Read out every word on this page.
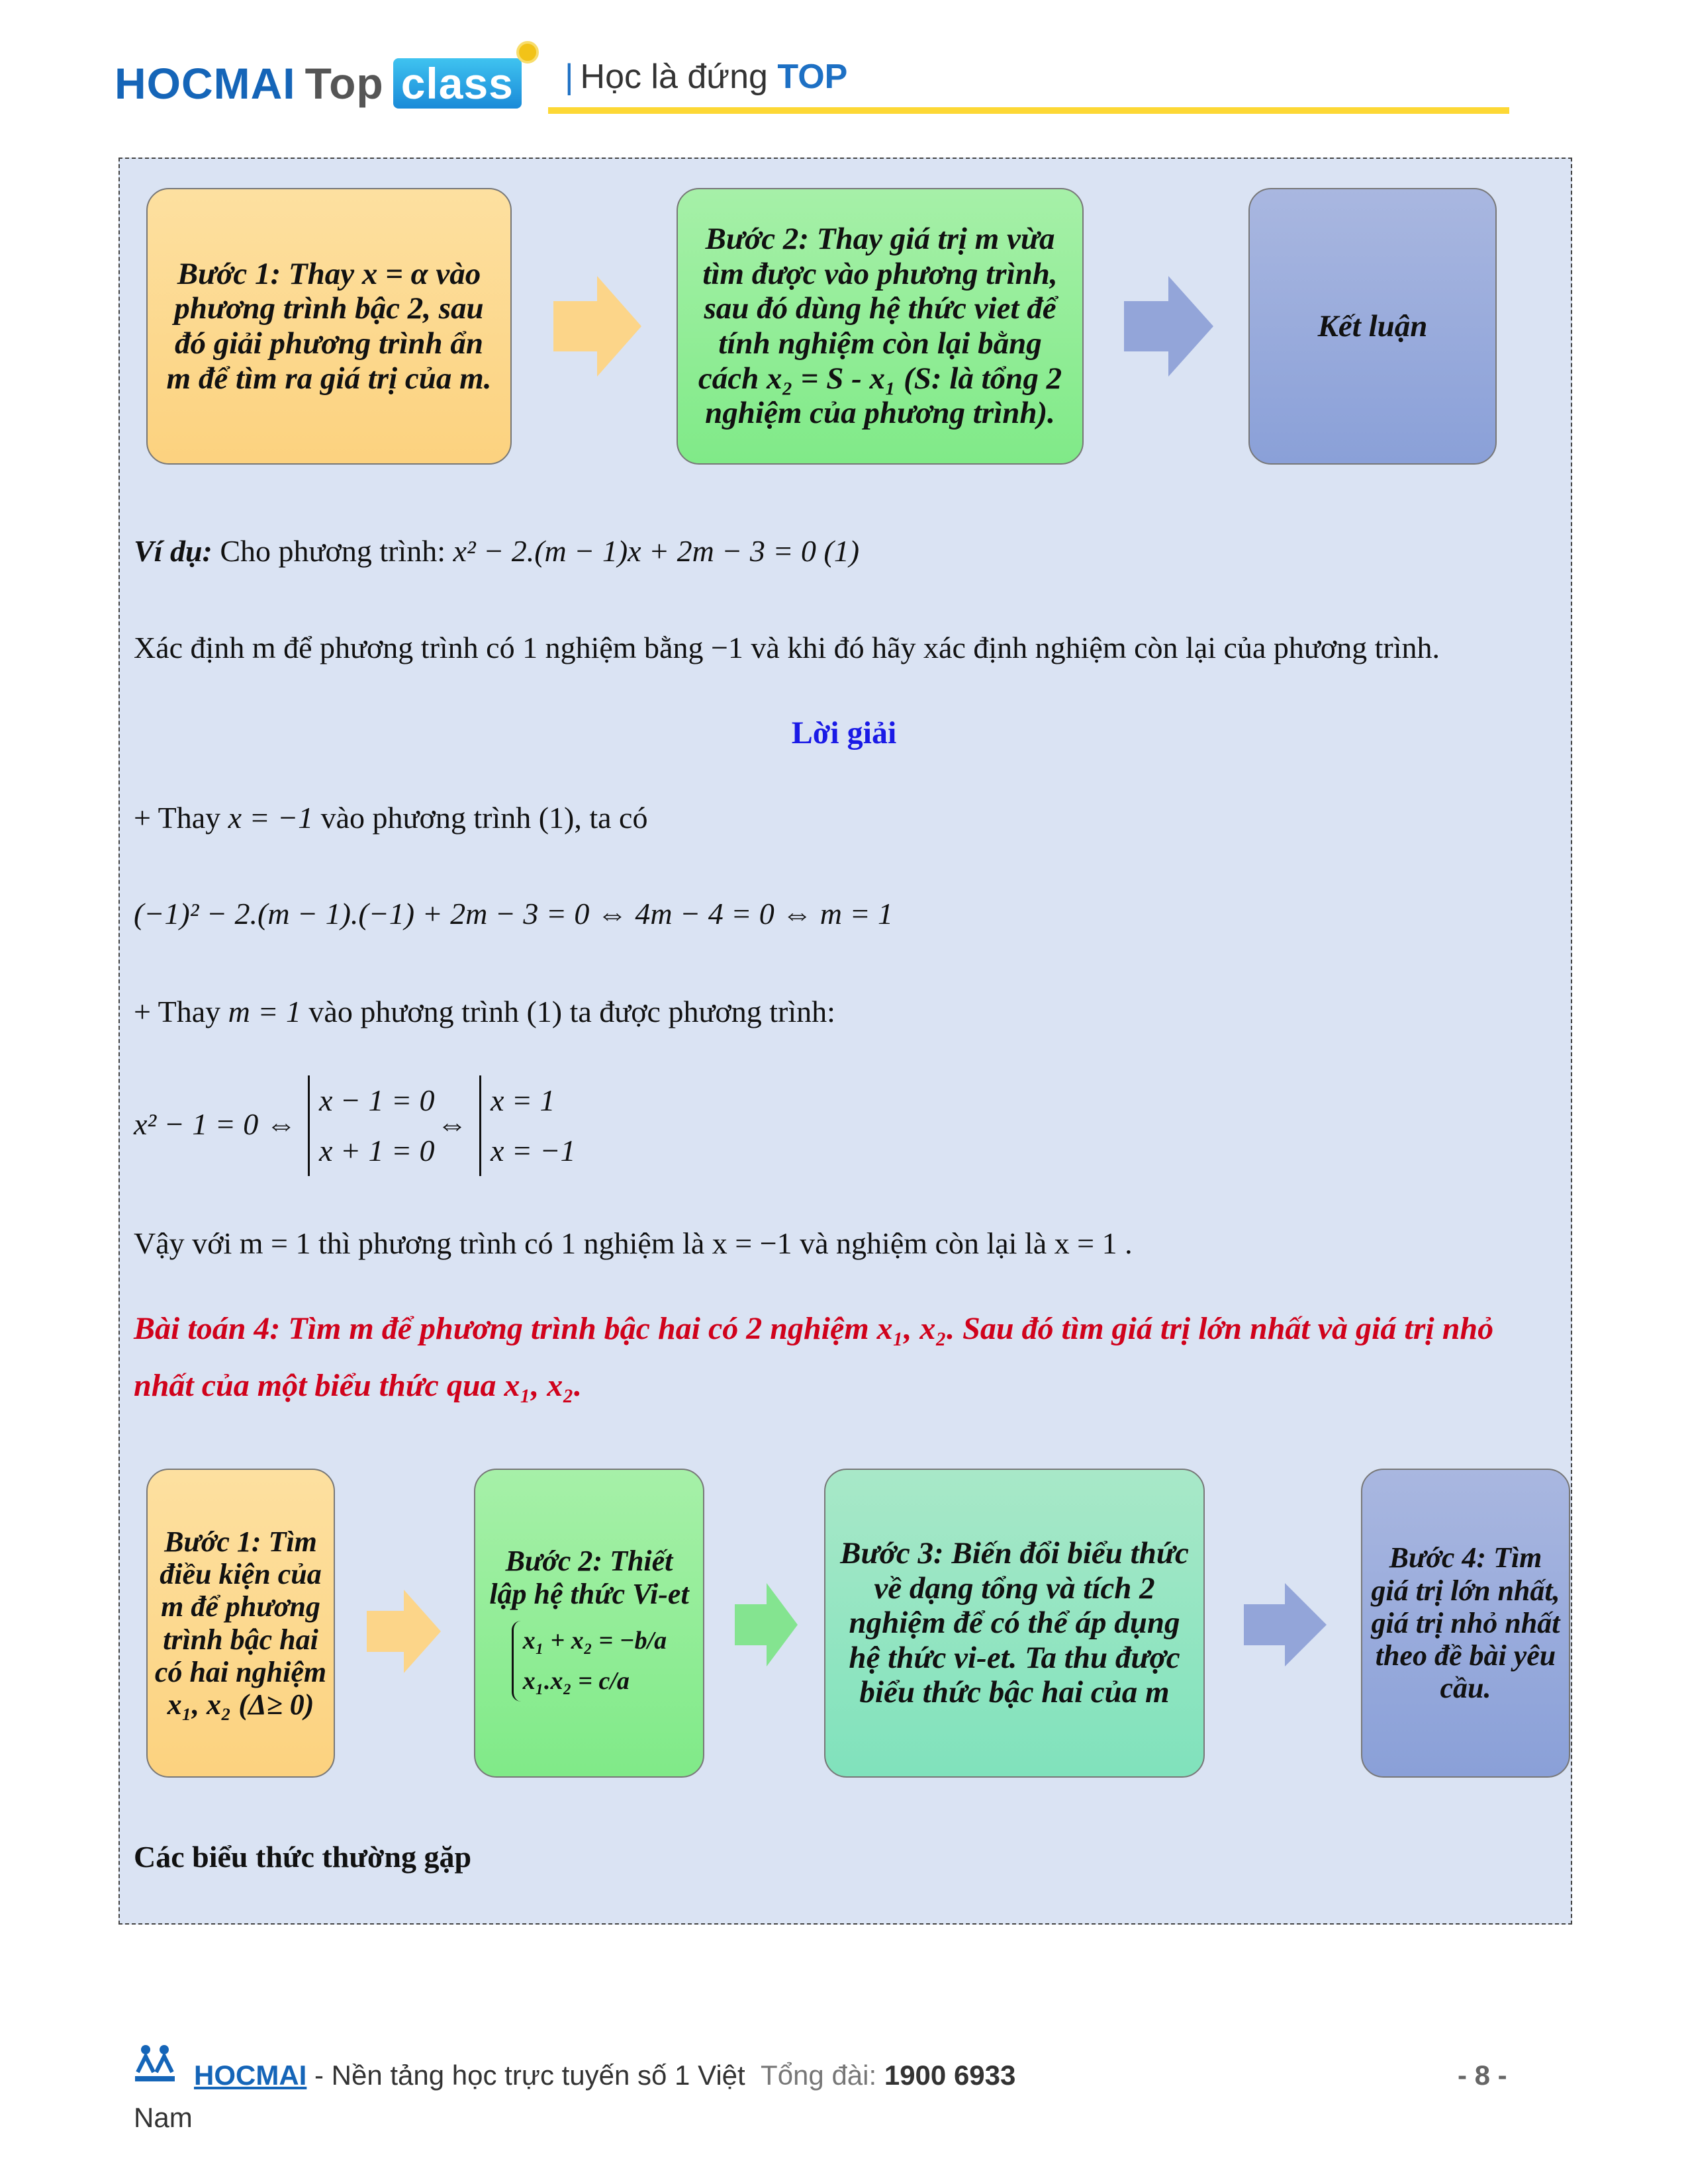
HOCMAI Top class | Học là đứng TOP
Bước 1: Thay x = α vào phương trình bậc 2, sau đó giải phương trình ẩn m để tìm ra giá trị của m.
Bước 2: Thay giá trị m vừa tìm được vào phương trình, sau đó dùng hệ thức viet để tính nghiệm còn lại bằng cách x₂ = S - x₁ (S: là tổng 2 nghiệm của phương trình).
Kết luận
Ví dụ: Cho phương trình: x² − 2.(m − 1)x + 2m − 3 = 0 (1)
Xác định m để phương trình có 1 nghiệm bằng −1 và khi đó hãy xác định nghiệm còn lại của phương trình.
Lời giải
+ Thay x = −1 vào phương trình (1), ta có
(−1)² − 2.(m − 1).(−1) + 2m − 3 = 0 ⇔ 4m − 4 = 0 ⇔ m = 1
+ Thay m = 1 vào phương trình (1) ta được phương trình:
x² − 1 = 0 ⇔
x − 1 = 0
x + 1 = 0
⇔
x = 1
x = −1
Vậy với m = 1 thì phương trình có 1 nghiệm là x = −1 và nghiệm còn lại là x = 1 .
Bài toán 4: Tìm m để phương trình bậc hai có 2 nghiệm x₁, x₂. Sau đó tìm giá trị lớn nhất và giá trị nhỏ
nhất của một biểu thức qua x₁, x₂.
Bước 1: Tìm điều kiện của m để phương trình bậc hai có hai nghiệm x₁, x₂ (Δ≥ 0)
Bước 2: Thiết lập hệ thức Vi-et
x₁ + x₂ = −b/a
x₁.x₂ = c/a
Bước 3: Biến đổi biểu thức về dạng tổng và tích 2 nghiệm để có thể áp dụng hệ thức vi-et. Ta thu được biểu thức bậc hai của m
Bước 4: Tìm giá trị lớn nhất, giá trị nhỏ nhất theo đề bài yêu cầu.
Các biểu thức thường gặp
HOCMAI - Nền tảng học trực tuyến số 1 Việt Tổng đài: 1900 6933
Nam
- 8 -
